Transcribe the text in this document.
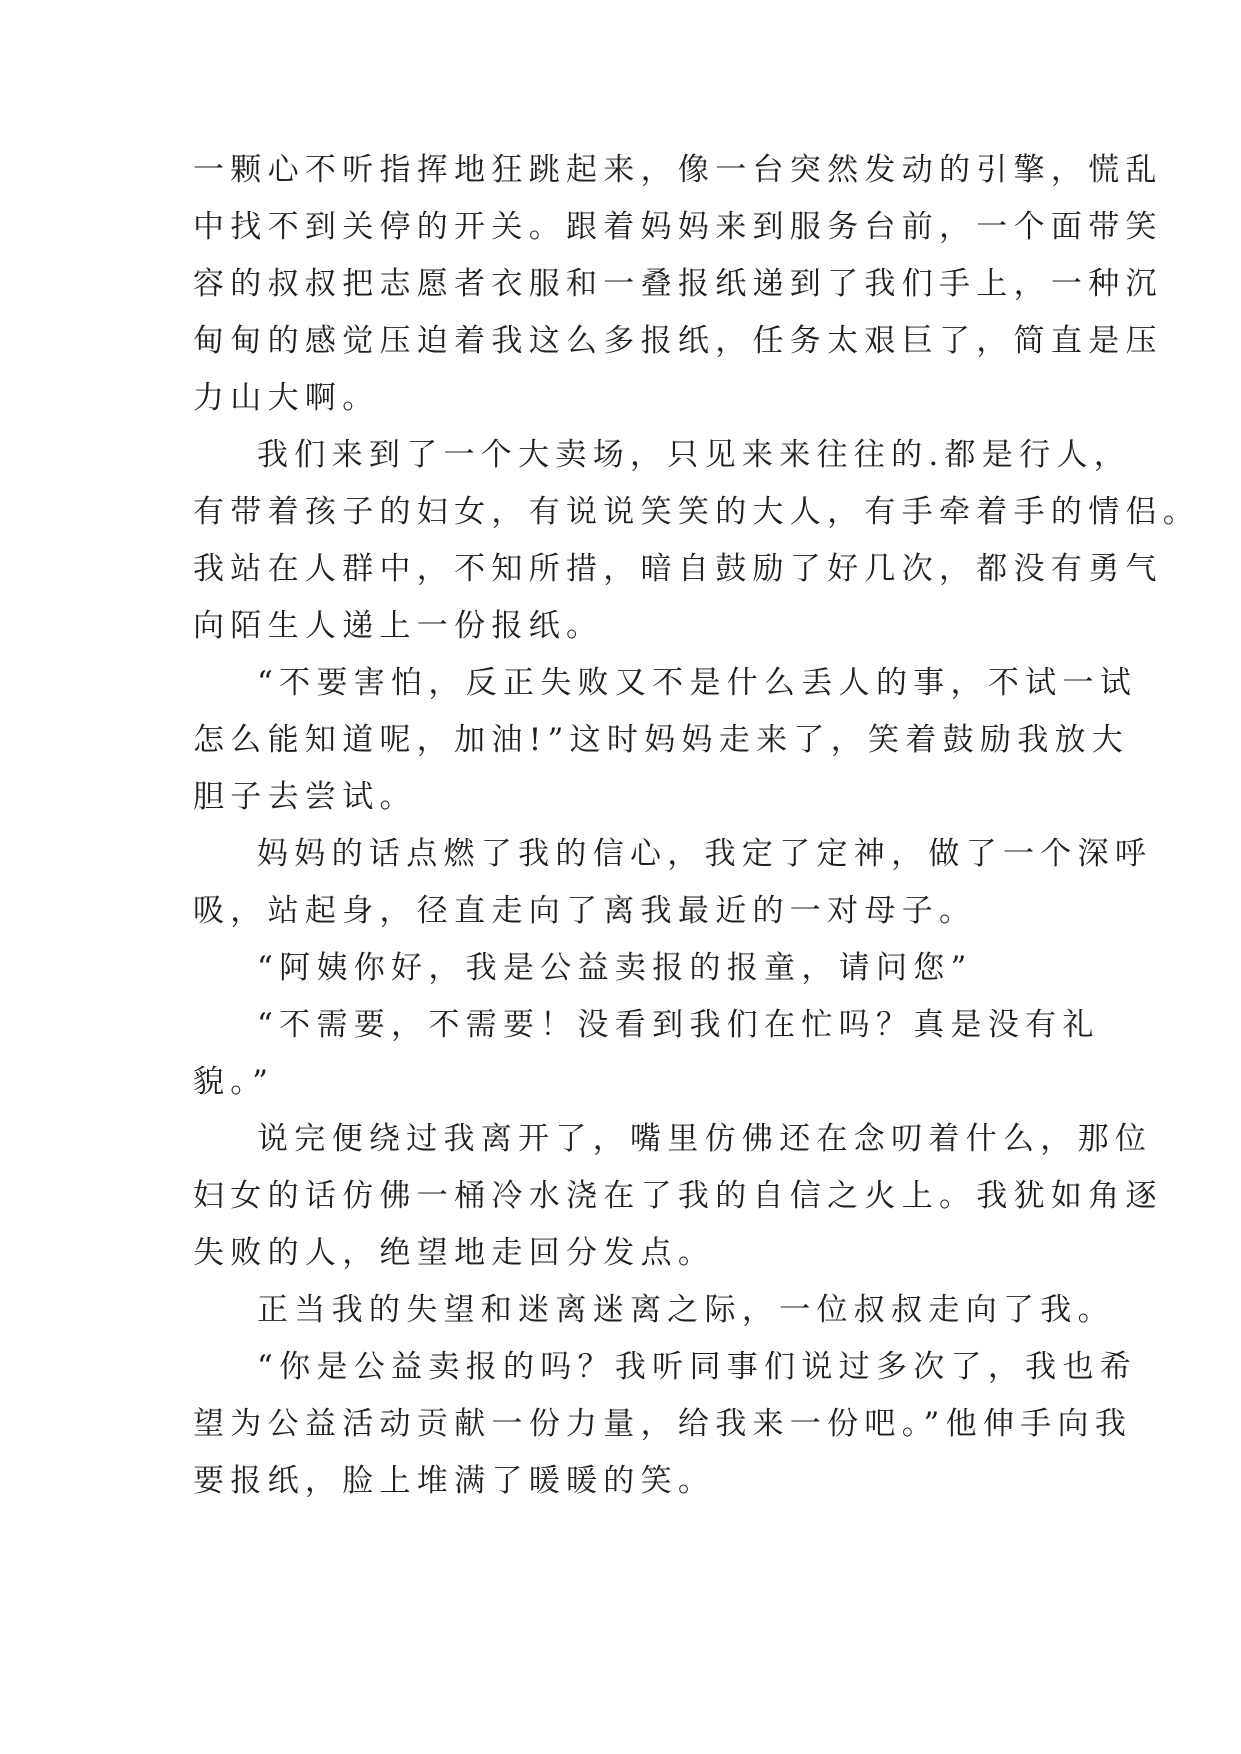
一颗心不听指挥地狂跳起来，像一台突然发动的引擎，慌乱
中找不到关停的开关。跟着妈妈来到服务台前，一个面带笑
容的叔叔把志愿者衣服和一叠报纸递到了我们手上，一种沉
甸甸的感觉压迫着我这么多报纸，任务太艰巨了，简直是压
力山大啊。
我们来到了一个大卖场，只见来来往往的.都是行人，
有带着孩子的妇女，有说说笑笑的大人，有手牵着手的情侣。
我站在人群中，不知所措，暗自鼓励了好几次，都没有勇气
向陌生人递上一份报纸。
“不要害怕，反正失败又不是什么丢人的事，不试一试
怎么能知道呢，加油!”这时妈妈走来了，笑着鼓励我放大
胆子去尝试。
妈妈的话点燃了我的信心，我定了定神，做了一个深呼
吸，站起身，径直走向了离我最近的一对母子。
“阿姨你好，我是公益卖报的报童，请问您”
“不需要，不需要！没看到我们在忙吗？真是没有礼
貌。”
说完便绕过我离开了，嘴里仿佛还在念叨着什么，那位
妇女的话仿佛一桶冷水浇在了我的自信之火上。我犹如角逐
失败的人，绝望地走回分发点。
正当我的失望和迷离迷离之际，一位叔叔走向了我。
“你是公益卖报的吗？我听同事们说过多次了，我也希
望为公益活动贡献一份力量，给我来一份吧。”他伸手向我
要报纸，脸上堆满了暖暖的笑。
